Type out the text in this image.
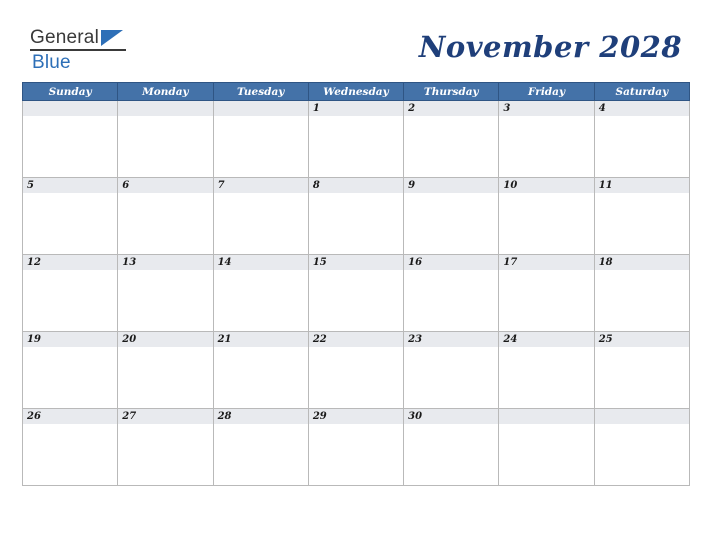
General
Blue	November 2028
Sunday	Monday	Tuesday	Wednesday	Thursday	Friday	Saturday

			1	2	3	4

5	6	7	8	9	10	11

12	13	14	15	16	17	18

19	20	21	22	23	24	25

26	27	28	29	30		
